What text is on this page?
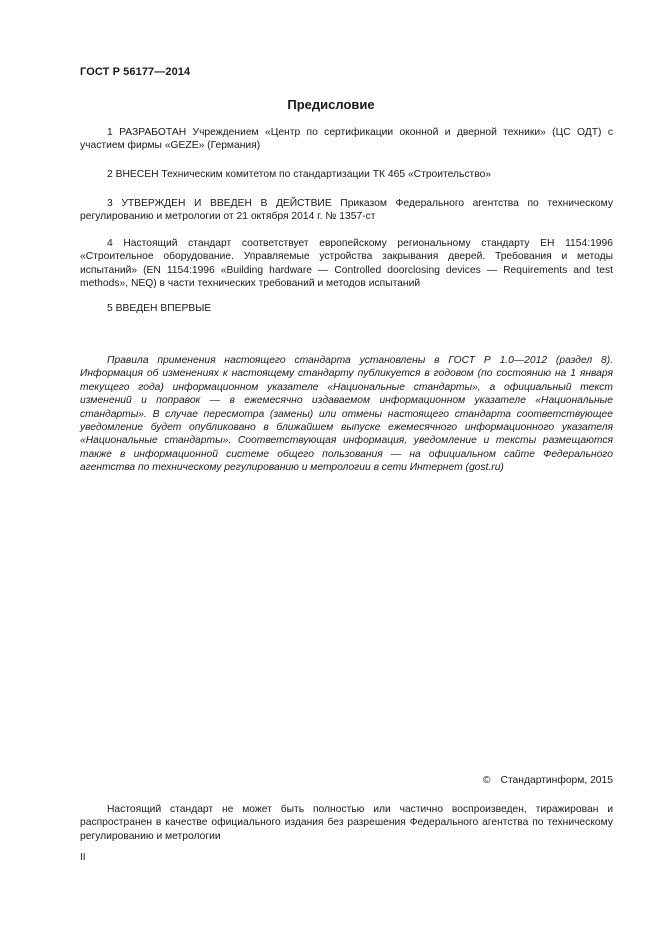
ГОСТ Р 56177—2014
Предисловие

1 РАЗРАБОТАН Учреждением «Центр по сертификации оконной и дверной техники» (ЦС ОДТ) с участием фирмы «GEZE» (Германия)

2 ВНЕСЕН Техническим комитетом по стандартизации ТК 465 «Строительство»

3 УТВЕРЖДЕН И ВВЕДЕН В ДЕЙСТВИЕ Приказом Федерального агентства по техническому регулированию и метрологии от 21 октября 2014 г. № 1357-ст

4 Настоящий стандарт соответствует европейскому региональному стандарту ЕН 1154:1996 «Строительное оборудование. Управляемые устройства закрывания дверей. Требования и методы испытаний» (EN 1154:1996 «Building hardware — Controlled doorclosing devices — Requirements and test methods», NEQ) в части технических требований и методов испытаний

5 ВВЕДЕН ВПЕРВЫЕ

Правила применения настоящего стандарта установлены в ГОСТ Р 1.0—2012 (раздел 8). Информация об изменениях к настоящему стандарту публикуется в годовом (по состоянию на 1 января текущего года) информационном указателе «Национальные стандарты», а официальный текст изменений и поправок — в ежемесячно издаваемом информационном указателе «Национальные стандарты». В случае пересмотра (замены) или отмены настоящего стандарта соответствующее уведомление будет опубликовано в ближайшем выпуске ежемесячного информационного указателя «Национальные стандарты». Соответствующая информация, уведомление и тексты размещаются также в информационной системе общего пользования — на официальном сайте Федерального агентства по техническому регулированию и метрологии в сети Интернет (gost.ru)

© Стандартинформ, 2015

Настоящий стандарт не может быть полностью или частично воспроизведен, тиражирован и распространен в качестве официального издания без разрешения Федерального агентства по техническому регулированию и метрологии

II
